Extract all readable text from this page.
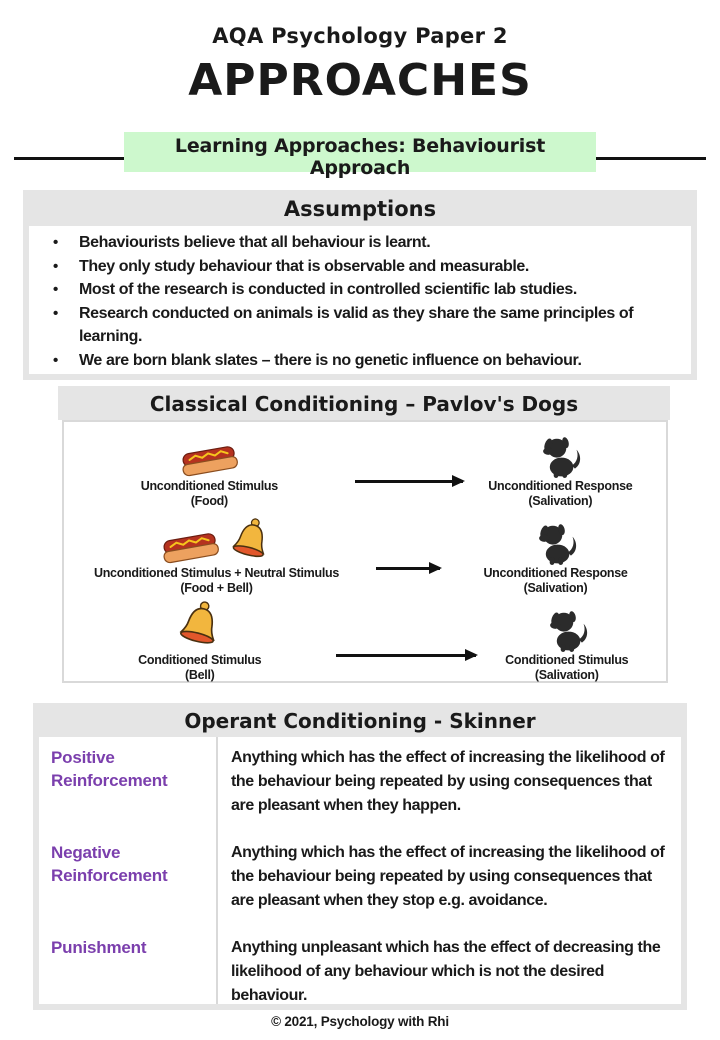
AQA Psychology Paper 2
APPROACHES
Learning Approaches: Behaviourist Approach
Assumptions
• Behaviourists believe that all behaviour is learnt.
• They only study behaviour that is observable and measurable.
• Most of the research is conducted in controlled scientific lab studies.
• Research conducted on animals is valid as they share the same principles of learning.
• We are born blank slates – there is no genetic influence on behaviour.
Classical Conditioning – Pavlov's Dogs
Unconditioned Stimulus
(Food)
Unconditioned Response
(Salivation)
Unconditioned Stimulus + Neutral Stimulus
(Food + Bell)
Unconditioned Response
(Salivation)
Conditioned Stimulus
(Bell)
Conditioned Stimulus
(Salivation)
Operant Conditioning - Skinner
Positive Reinforcement
Anything which has the effect of increasing the likelihood of the behaviour being repeated by using consequences that are pleasant when they happen.
Negative Reinforcement
Anything which has the effect of increasing the likelihood of the behaviour being repeated by using consequences that are pleasant when they stop e.g. avoidance.
Punishment	Anything unpleasant which has the effect of decreasing the likelihood of any behaviour which is not the desired behaviour.
© 2021, Psychology with Rhi
